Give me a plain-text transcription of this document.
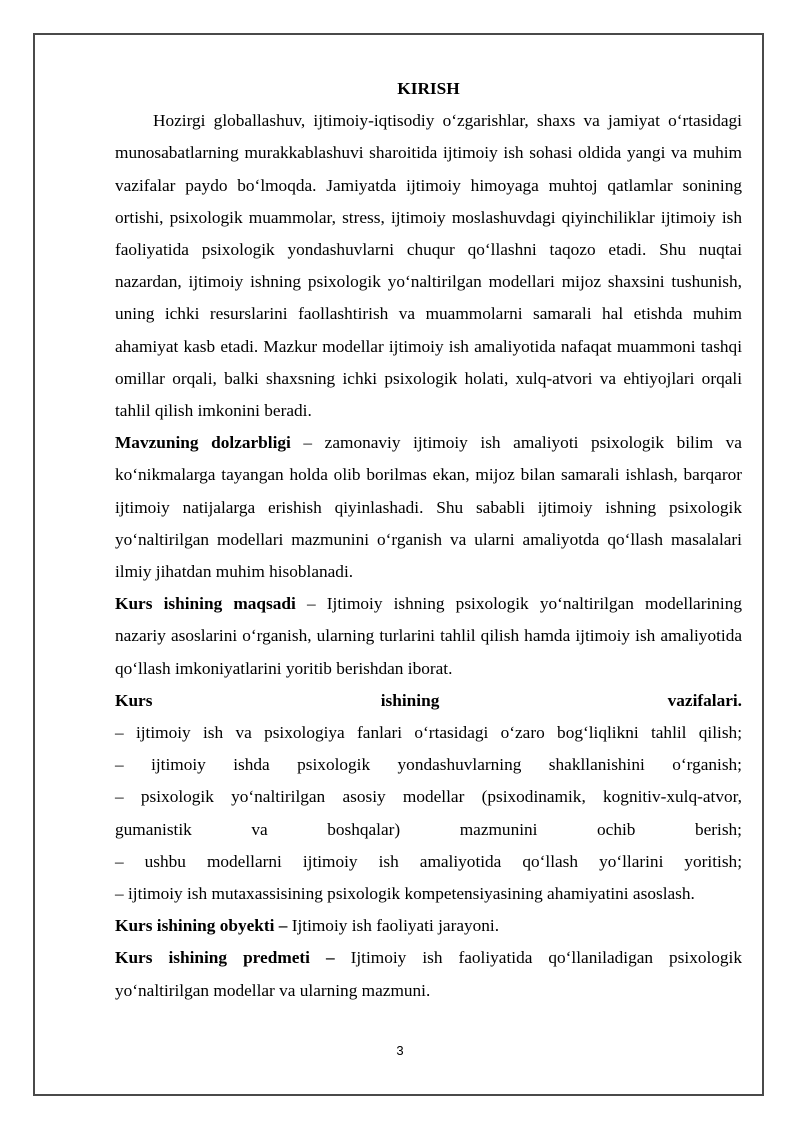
KIRISH

Hozirgi globallashuv, ijtimoiy-iqtisodiy o‘zgarishlar, shaxs va jamiyat o‘rtasidagi munosabatlarning murakkablashuvi sharoitida ijtimoiy ish sohasi oldida yangi va muhim vazifalar paydo bo‘lmoqda. Jamiyatda ijtimoiy himoyaga muhtoj qatlamlar sonining ortishi, psixologik muammolar, stress, ijtimoiy moslashuvdagi qiyinchiliklar ijtimoiy ish faoliyatida psixologik yondashuvlarni chuqur qo‘llashni taqozo etadi. Shu nuqtai nazardan, ijtimoiy ishning psixologik yo‘naltirilgan modellari mijoz shaxsini tushunish, uning ichki resurslarini faollashtirish va muammolarni samarali hal etishda muhim ahamiyat kasb etadi. Mazkur modellar ijtimoiy ish amaliyotida nafaqat muammoni tashqi omillar orqali, balki shaxsning ichki psixologik holati, xulq-atvori va ehtiyojlari orqali tahlil qilish imkonini beradi.

Mavzuning dolzarbligi – zamonaviy ijtimoiy ish amaliyoti psixologik bilim va ko‘nikmalarga tayangan holda olib borilmas ekan, mijoz bilan samarali ishlash, barqaror ijtimoiy natijalarga erishish qiyinlashadi. Shu sababli ijtimoiy ishning psixologik yo‘naltirilgan modellari mazmunini o‘rganish va ularni amaliyotda qo‘llash masalalari ilmiy jihatdan muhim hisoblanadi.

Kurs ishining maqsadi – Ijtimoiy ishning psixologik yo‘naltirilgan modellarining nazariy asoslarini o‘rganish, ularning turlarini tahlil qilish hamda ijtimoiy ish amaliyotida qo‘llash imkoniyatlarini yoritib berishdan iborat.

Kurs ishining vazifalari.

– ijtimoiy ish va psixologiya fanlari o‘rtasidagi o‘zaro bog‘liqlikni tahlil qilish;

– ijtimoiy ishda psixologik yondashuvlarning shakllanishini o‘rganish;

– psixologik yo‘naltirilgan asosiy modellar (psixodinamik, kognitiv-xulq-atvor, gumanistik va boshqalar) mazmunini ochib berish;

– ushbu modellarni ijtimoiy ish amaliyotida qo‘llash yo‘llarini yoritish;

– ijtimoiy ish mutaxassisining psixologik kompetensiyasining ahamiyatini asoslash.

Kurs ishining obyekti – Ijtimoiy ish faoliyati jarayoni.

Kurs ishining predmeti – Ijtimoiy ish faoliyatida qo‘llaniladigan psixologik yo‘naltirilgan modellar va ularning mazmuni.

3
